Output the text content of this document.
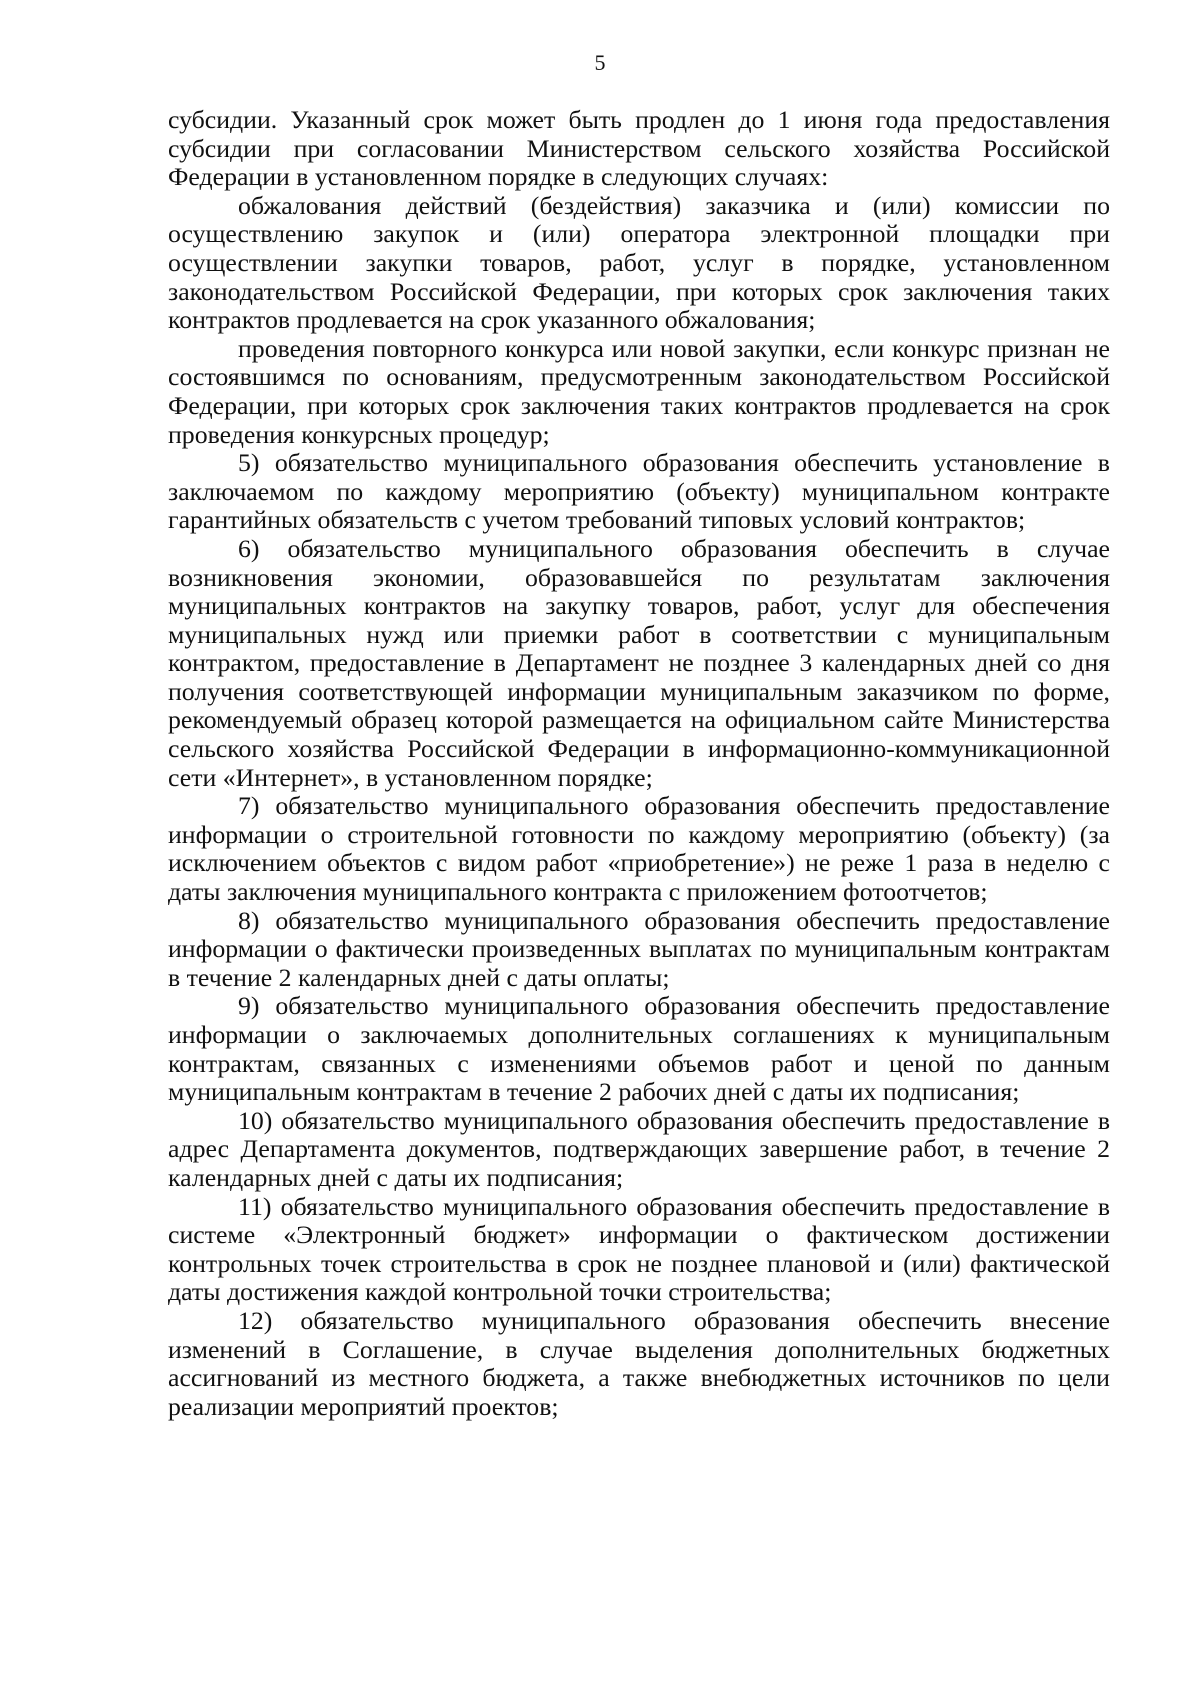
5

субсидии. Указанный срок может быть продлен до 1 июня года предоставления субсидии при согласовании Министерством сельского хозяйства Российской Федерации в установленном порядке в следующих случаях:

обжалования действий (бездействия) заказчика и (или) комиссии по осуществлению закупок и (или) оператора электронной площадки при осуществлении закупки товаров, работ, услуг в порядке, установленном законодательством Российской Федерации, при которых срок заключения таких контрактов продлевается на срок указанного обжалования;

проведения повторного конкурса или новой закупки, если конкурс признан не состоявшимся по основаниям, предусмотренным законодательством Российской Федерации, при которых срок заключения таких контрактов продлевается на срок проведения конкурсных процедур;

5) обязательство муниципального образования обеспечить установление в заключаемом по каждому мероприятию (объекту) муниципальном контракте гарантийных обязательств с учетом требований типовых условий контрактов;

6) обязательство муниципального образования обеспечить в случае возникновения экономии, образовавшейся по результатам заключения муниципальных контрактов на закупку товаров, работ, услуг для обеспечения муниципальных нужд или приемки работ в соответствии с муниципальным контрактом, предоставление в Департамент не позднее 3 календарных дней со дня получения соответствующей информации муниципальным заказчиком по форме, рекомендуемый образец которой размещается на официальном сайте Министерства сельского хозяйства Российской Федерации в информационно-коммуникационной сети «Интернет», в установленном порядке;

7) обязательство муниципального образования обеспечить предоставление информации о строительной готовности по каждому мероприятию (объекту) (за исключением объектов с видом работ «приобретение») не реже 1 раза в неделю с даты заключения муниципального контракта с приложением фотоотчетов;

8) обязательство муниципального образования обеспечить предоставление информации о фактически произведенных выплатах по муниципальным контрактам в течение 2 календарных дней с даты оплаты;

9) обязательство муниципального образования обеспечить предоставление информации о заключаемых дополнительных соглашениях к муниципальным контрактам, связанных с изменениями объемов работ и ценой по данным муниципальным контрактам в течение 2 рабочих дней с даты их подписания;

10) обязательство муниципального образования обеспечить предоставление в адрес Департамента документов, подтверждающих завершение работ, в течение 2 календарных дней с даты их подписания;

11) обязательство муниципального образования обеспечить предоставление в системе «Электронный бюджет» информации о фактическом достижении контрольных точек строительства в срок не позднее плановой и (или) фактической даты достижения каждой контрольной точки строительства;

12) обязательство муниципального образования обеспечить внесение изменений в Соглашение, в случае выделения дополнительных бюджетных ассигнований из местного бюджета, а также внебюджетных источников по цели реализации мероприятий проектов;
